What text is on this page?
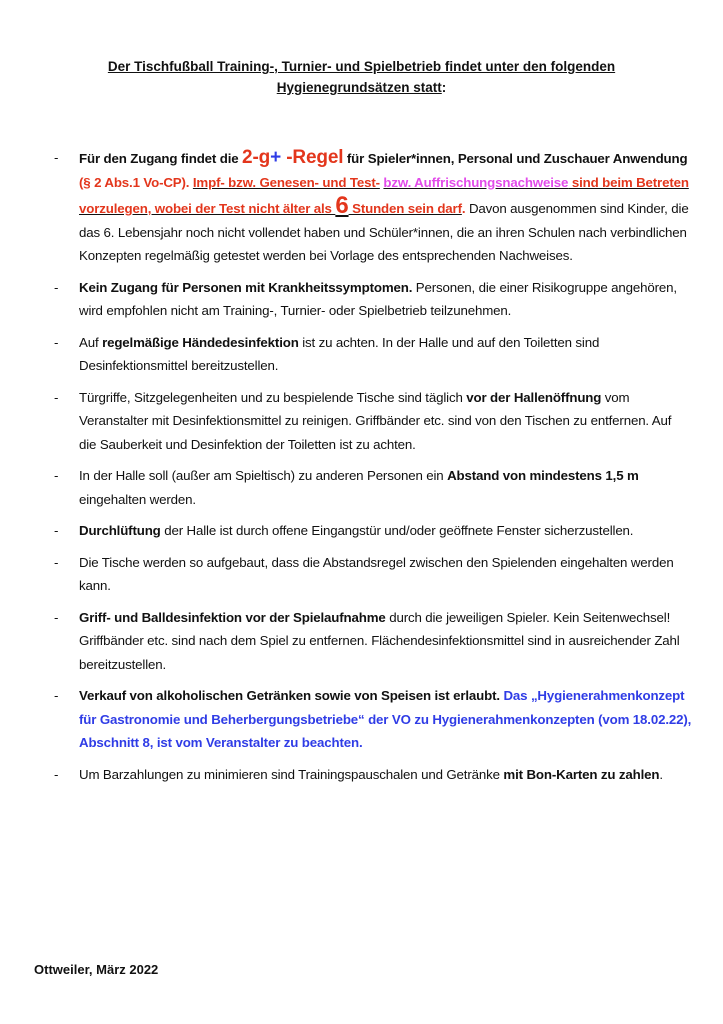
Der Tischfußball Training-, Turnier- und Spielbetrieb findet unter den folgenden
Hygienegrundsätzen statt:
- Für den Zugang findet die 2-g+ -Regel für Spieler*innen, Personal und Zuschauer Anwendung (§ 2 Abs.1 Vo-CP). Impf- bzw. Genesen- und Test- bzw. Auffrischungsnachweise sind beim Betreten vorzulegen, wobei der Test nicht älter als 6 Stunden sein darf. Davon ausgenommen sind Kinder, die das 6. Lebensjahr noch nicht vollendet haben und Schüler*innen, die an ihren Schulen nach verbindlichen Konzepten regelmäßig getestet werden bei Vorlage des entsprechenden Nachweises.
- Kein Zugang für Personen mit Krankheitssymptomen. Personen, die einer Risikogruppe angehören, wird empfohlen nicht am Training-, Turnier- oder Spielbetrieb teilzunehmen.
- Auf regelmäßige Händedesinfektion ist zu achten. In der Halle und auf den Toiletten sind Desinfektionsmittel bereitzustellen.
- Türgriffe, Sitzgelegenheiten und zu bespielende Tische sind täglich vor der Hallenöffnung vom Veranstalter mit Desinfektionsmittel zu reinigen. Griffbänder etc. sind von den Tischen zu entfernen. Auf die Sauberkeit und Desinfektion der Toiletten ist zu achten.
- In der Halle soll (außer am Spieltisch) zu anderen Personen ein Abstand von mindestens 1,5 m eingehalten werden.
- Durchlüftung der Halle ist durch offene Eingangstür und/oder geöffnete Fenster sicherzustellen.
- Die Tische werden so aufgebaut, dass die Abstandsregel zwischen den Spielenden eingehalten werden kann.
- Griff- und Balldesinfektion vor der Spielaufnahme durch die jeweiligen Spieler. Kein Seitenwechsel! Griffbänder etc. sind nach dem Spiel zu entfernen. Flächendesinfektionsmittel sind in ausreichender Zahl bereitzustellen.
- Verkauf von alkoholischen Getränken sowie von Speisen ist erlaubt. Das „Hygienerahmenkonzept für Gastronomie und Beherbergungsbetriebe“ der VO zu Hygienerahmenkonzepten (vom 18.02.22), Abschnitt 8, ist vom Veranstalter zu beachten.
- Um Barzahlungen zu minimieren sind Trainingspauschalen und Getränke mit Bon-Karten zu zahlen.
Ottweiler, März 2022
